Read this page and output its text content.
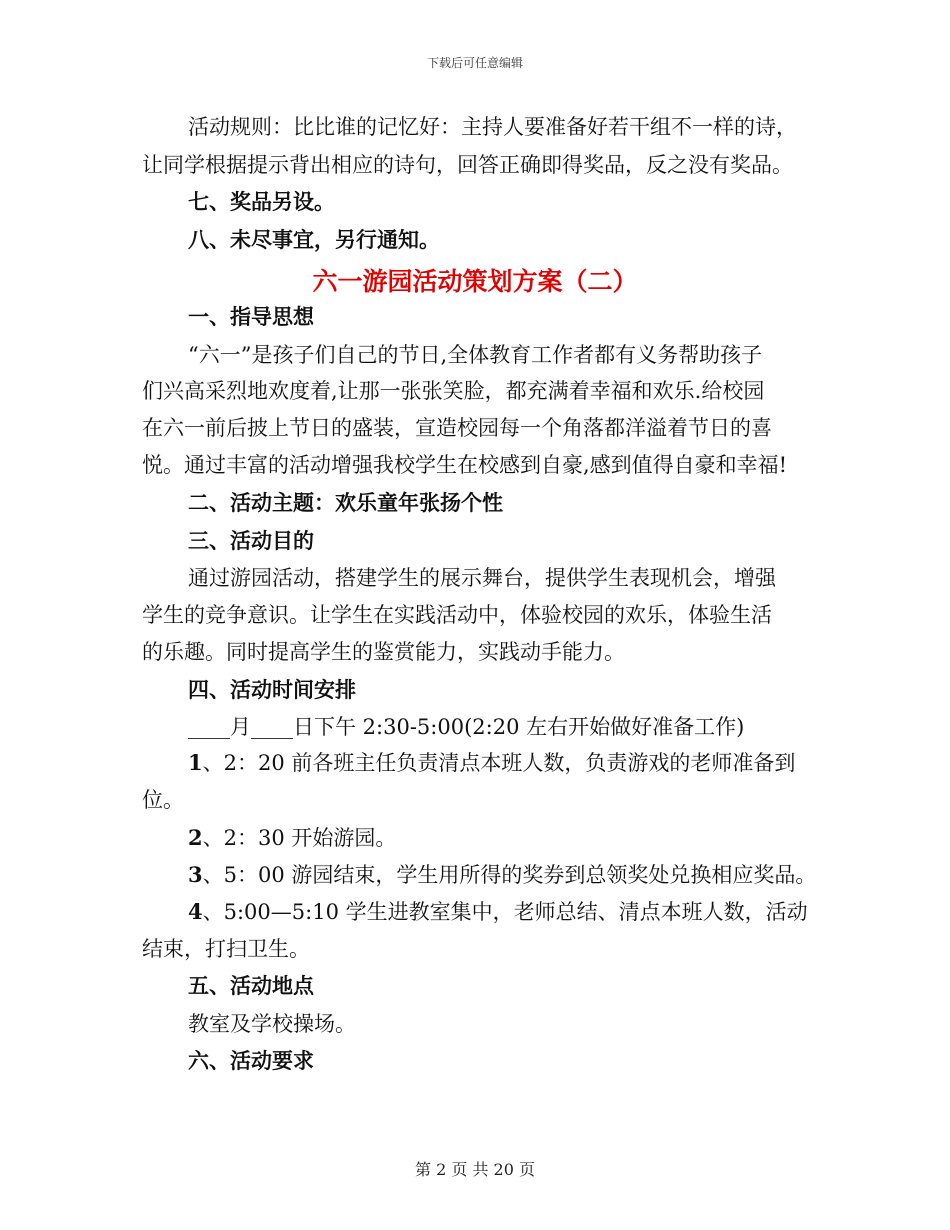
下载后可任意编辑
活动规则：比比谁的记忆好：主持人要准备好若干组不一样的诗，
让同学根据提示背出相应的诗句，回答正确即得奖品，反之没有奖品。
七、奖品另设。
八、未尽事宜，另行通知。
六一游园活动策划方案（二）
一、指导思想
“六一”是孩子们自己的节日,全体教育工作者都有义务帮助孩子
们兴高采烈地欢度着,让那一张张笑脸，都充满着幸福和欢乐.给校园
在六一前后披上节日的盛装，宣造校园每一个角落都洋溢着节日的喜
悦。通过丰富的活动增强我校学生在校感到自豪,感到值得自豪和幸福!
二、活动主题：欢乐童年张扬个性
三、活动目的
通过游园活动，搭建学生的展示舞台，提供学生表现机会，增强
学生的竞争意识。让学生在实践活动中，体验校园的欢乐，体验生活
的乐趣。同时提高学生的鉴赏能力，实践动手能力。
四、活动时间安排
____月____日下午 2:30-5:00(2:20 左右开始做好准备工作)
1、2：20 前各班主任负责清点本班人数，负责游戏的老师准备到
位。
2、2：30 开始游园。
3、5：00 游园结束，学生用所得的奖券到总领奖处兑换相应奖品。
4、5:00—5:10 学生进教室集中，老师总结、清点本班人数，活动
结束，打扫卫生。
五、活动地点
教室及学校操场。
六、活动要求
第 2 页 共 20 页
